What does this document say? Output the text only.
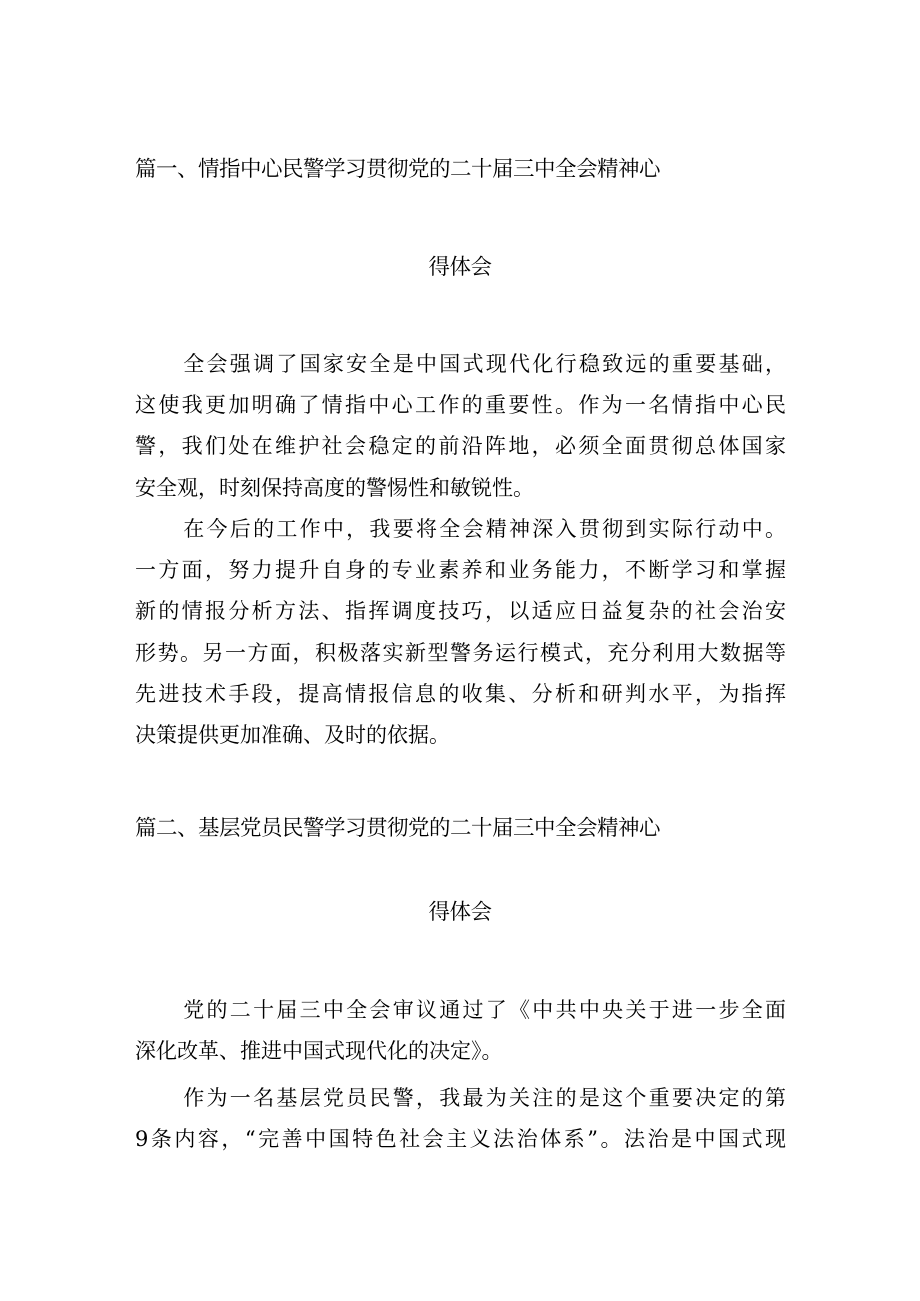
篇一、情指中心民警学习贯彻党的二十届三中全会精神心
得体会
全会强调了国家安全是中国式现代化行稳致远的重要基础，
这使我更加明确了情指中心工作的重要性。作为一名情指中心民
警，我们处在维护社会稳定的前沿阵地，必须全面贯彻总体国家
安全观，时刻保持高度的警惕性和敏锐性。
在今后的工作中，我要将全会精神深入贯彻到实际行动中。
一方面，努力提升自身的专业素养和业务能力，不断学习和掌握
新的情报分析方法、指挥调度技巧，以适应日益复杂的社会治安
形势。另一方面，积极落实新型警务运行模式，充分利用大数据等
先进技术手段，提高情报信息的收集、分析和研判水平，为指挥
决策提供更加准确、及时的依据。
篇二、基层党员民警学习贯彻党的二十届三中全会精神心
得体会
党的二十届三中全会审议通过了《中共中央关于进一步全面
深化改革、推进中国式现代化的决定》。
作为一名基层党员民警，我最为关注的是这个重要决定的第
9条内容，“完善中国特色社会主义法治体系”。法治是中国式现
